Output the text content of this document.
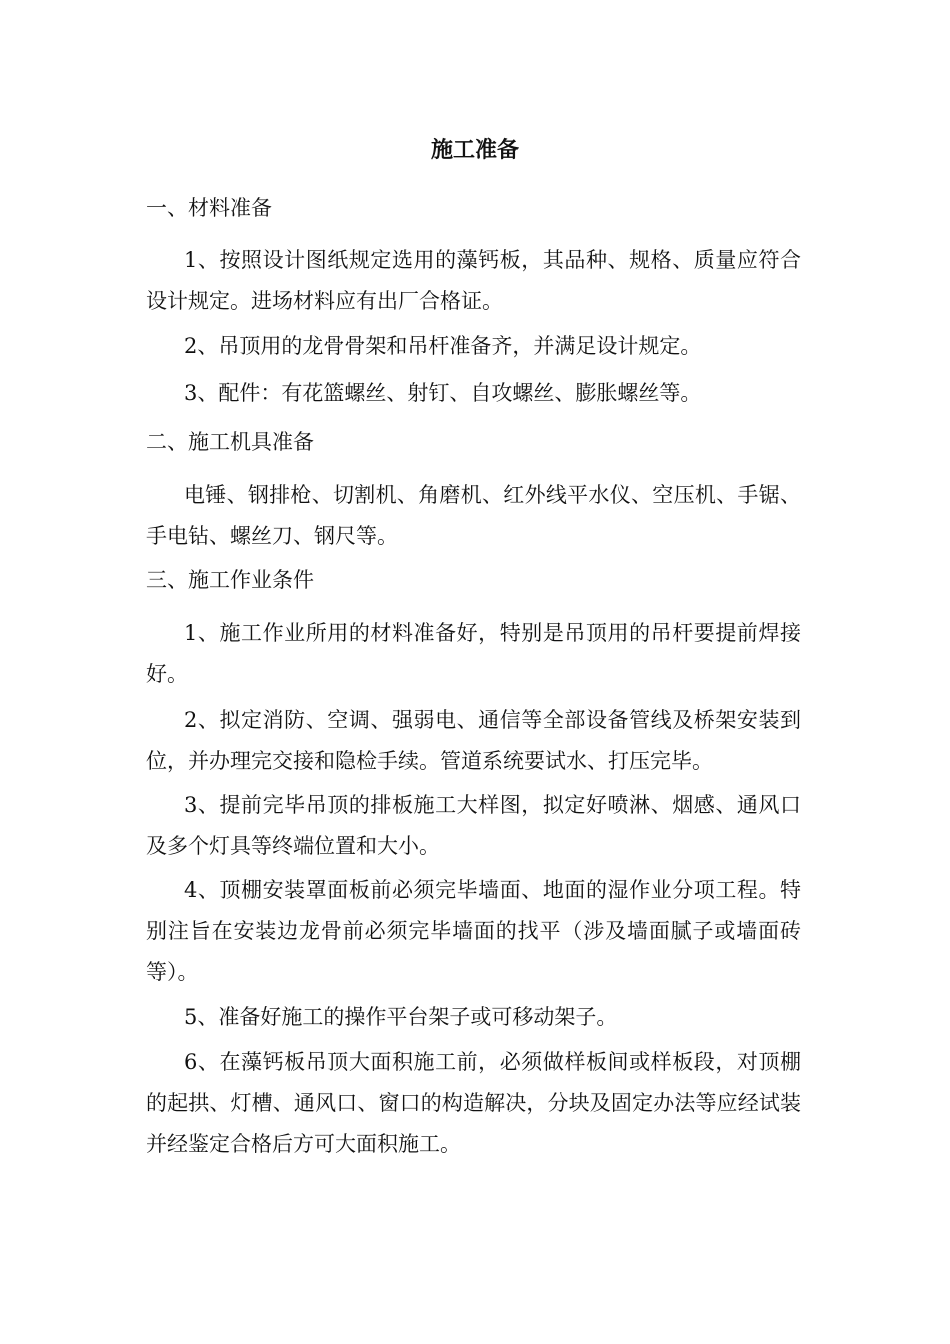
施工准备
一、材料准备
1、按照设计图纸规定选用的藻钙板，其品种、规格、质量应符合设计规定。进场材料应有出厂合格证。
2、吊顶用的龙骨骨架和吊杆准备齐，并满足设计规定。
3、配件：有花篮螺丝、射钉、自攻螺丝、膨胀螺丝等。
二、施工机具准备
电锤、钢排枪、切割机、角磨机、红外线平水仪、空压机、手锯、手电钻、螺丝刀、钢尺等。
三、施工作业条件
1、施工作业所用的材料准备好，特别是吊顶用的吊杆要提前焊接好。
2、拟定消防、空调、强弱电、通信等全部设备管线及桥架安装到位，并办理完交接和隐检手续。管道系统要试水、打压完毕。
3、提前完毕吊顶的排板施工大样图，拟定好喷淋、烟感、通风口及多个灯具等终端位置和大小。
4、顶棚安装罩面板前必须完毕墙面、地面的湿作业分项工程。特别注旨在安装边龙骨前必须完毕墙面的找平（涉及墙面腻子或墙面砖等）。
5、准备好施工的操作平台架子或可移动架子。
6、在藻钙板吊顶大面积施工前，必须做样板间或样板段，对顶棚的起拱、灯槽、通风口、窗口的构造解决，分块及固定办法等应经试装并经鉴定合格后方可大面积施工。
